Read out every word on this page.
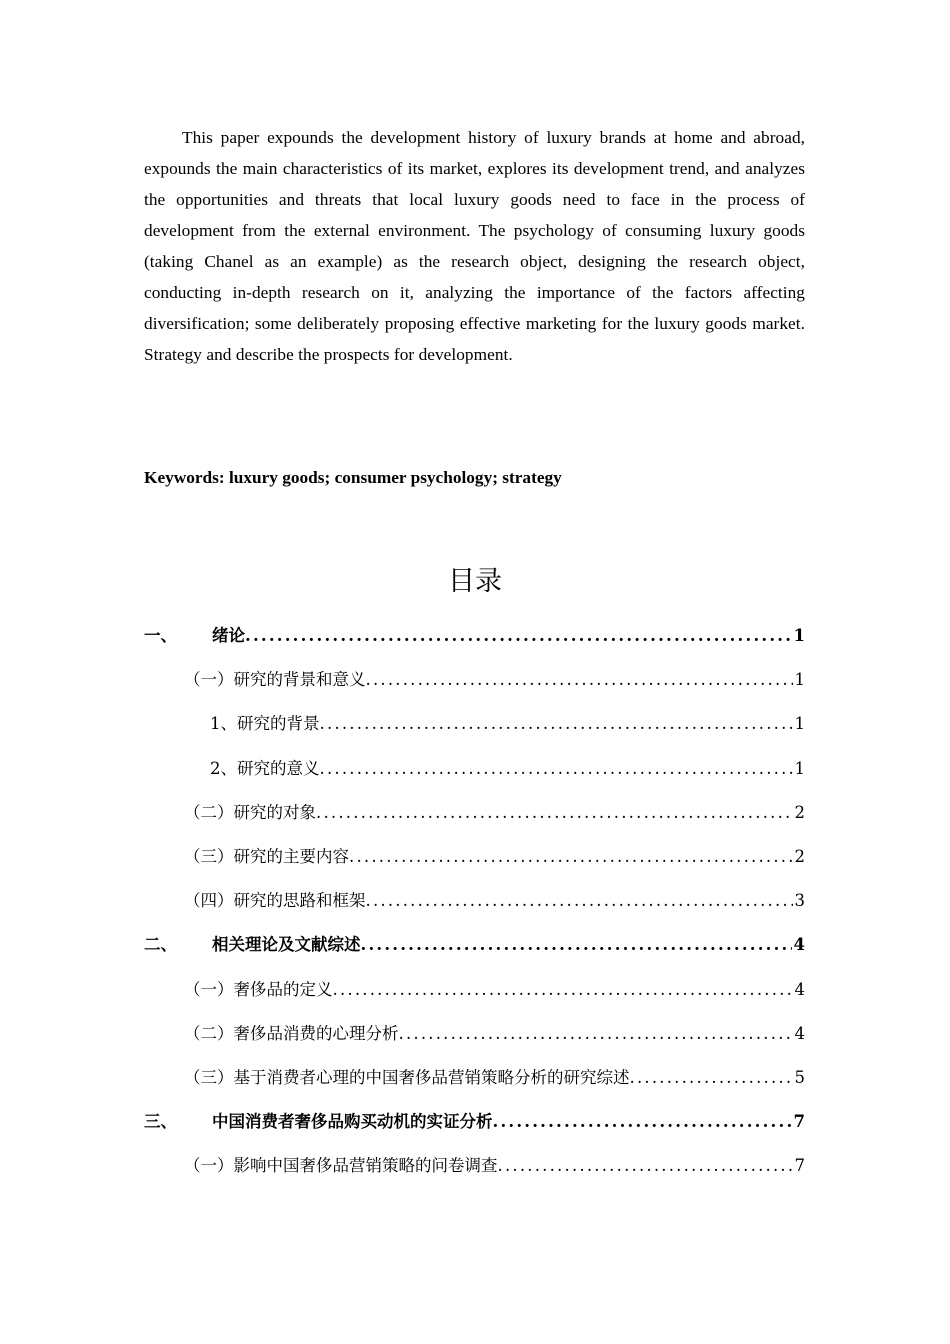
This paper expounds the development history of luxury brands at home and abroad, expounds the main characteristics of its market, explores its development trend, and analyzes the opportunities and threats that local luxury goods need to face in the process of development from the external environment. The psychology of consuming luxury goods (taking Chanel as an example) as the research object, designing the research object, conducting in-depth research on it, analyzing the importance of the factors affecting diversification; some deliberately proposing effective marketing for the luxury goods market. Strategy and describe the prospects for development.

Keywords: luxury goods; consumer psychology; strategy
目录
一、	绪论 .....	1
（一）研究的背景和意义 .....	1
1、研究的背景 .....	1
2、研究的意义 .....	1
（二）研究的对象 .....	2
（三）研究的主要内容 .....	2
（四）研究的思路和框架 .....	3
二、	相关理论及文献综述 .....	4
（一）奢侈品的定义 .....	4
（二）奢侈品消费的心理分析 .....	4
（三）基于消费者心理的中国奢侈品营销策略分析的研究综述 .....	5
三、	中国消费者奢侈品购买动机的实证分析 .....	7
（一）影响中国奢侈品营销策略的问卷调查 .....	7
